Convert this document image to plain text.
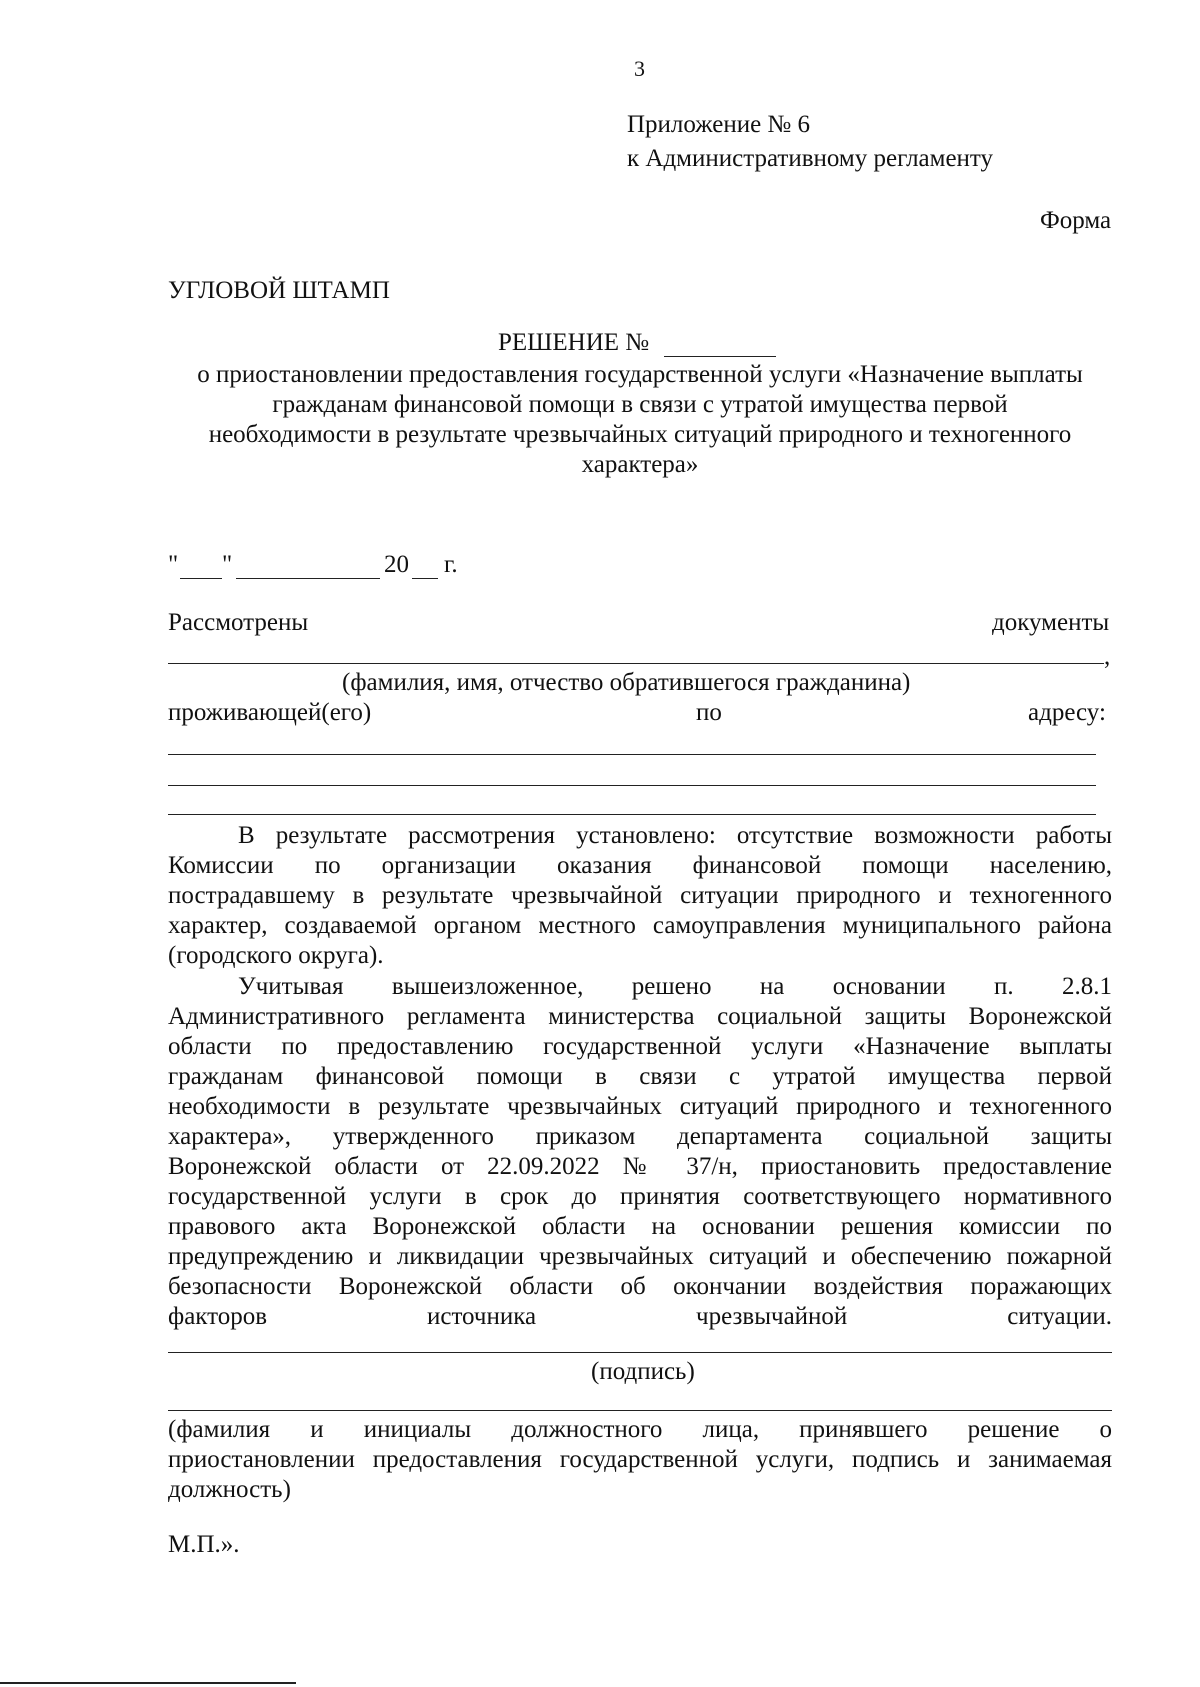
3
Приложение № 6
к Административному регламенту
Форма
УГЛОВОЙ ШТАМП
РЕШЕНИЕ №
о приостановлении предоставления государственной услуги «Назначение выплаты
гражданам финансовой помощи в связи с утратой имущества первой
необходимости в результате чрезвычайных ситуаций природного и техногенного
характера»
" "	20 г.
Рассмотрены	документы
,
(фамилия, имя, отчество обратившегося гражданина)
проживающей(его)	по	адресу:
В результате рассмотрения установлено: отсутствие возможности работы
Комиссии по организации оказания финансовой помощи населению,
пострадавшему в результате чрезвычайной ситуации природного и техногенного
характер, создаваемой органом местного самоуправления муниципального района
(городского округа).
Учитывая вышеизложенное, решено на основании п. 2.8.1
Административного регламента министерства социальной защиты Воронежской
области по предоставлению государственной услуги «Назначение выплаты
гражданам финансовой помощи в связи с утратой имущества первой
необходимости в результате чрезвычайных ситуаций природного и техногенного
характера», утвержденного приказом департамента социальной защиты
Воронежской области от 22.09.2022 № 37/н, приостановить предоставление
государственной услуги в срок до принятия соответствующего нормативного
правового акта Воронежской области на основании решения комиссии по
предупреждению и ликвидации чрезвычайных ситуаций и обеспечению пожарной
безопасности Воронежской области об окончании воздействия поражающих
факторов источника чрезвычайной ситуации.
(подпись)
(фамилия и инициалы должностного лица, принявшего решение о
приостановлении предоставления государственной услуги, подпись и занимаемая
должность)
М.П.».
